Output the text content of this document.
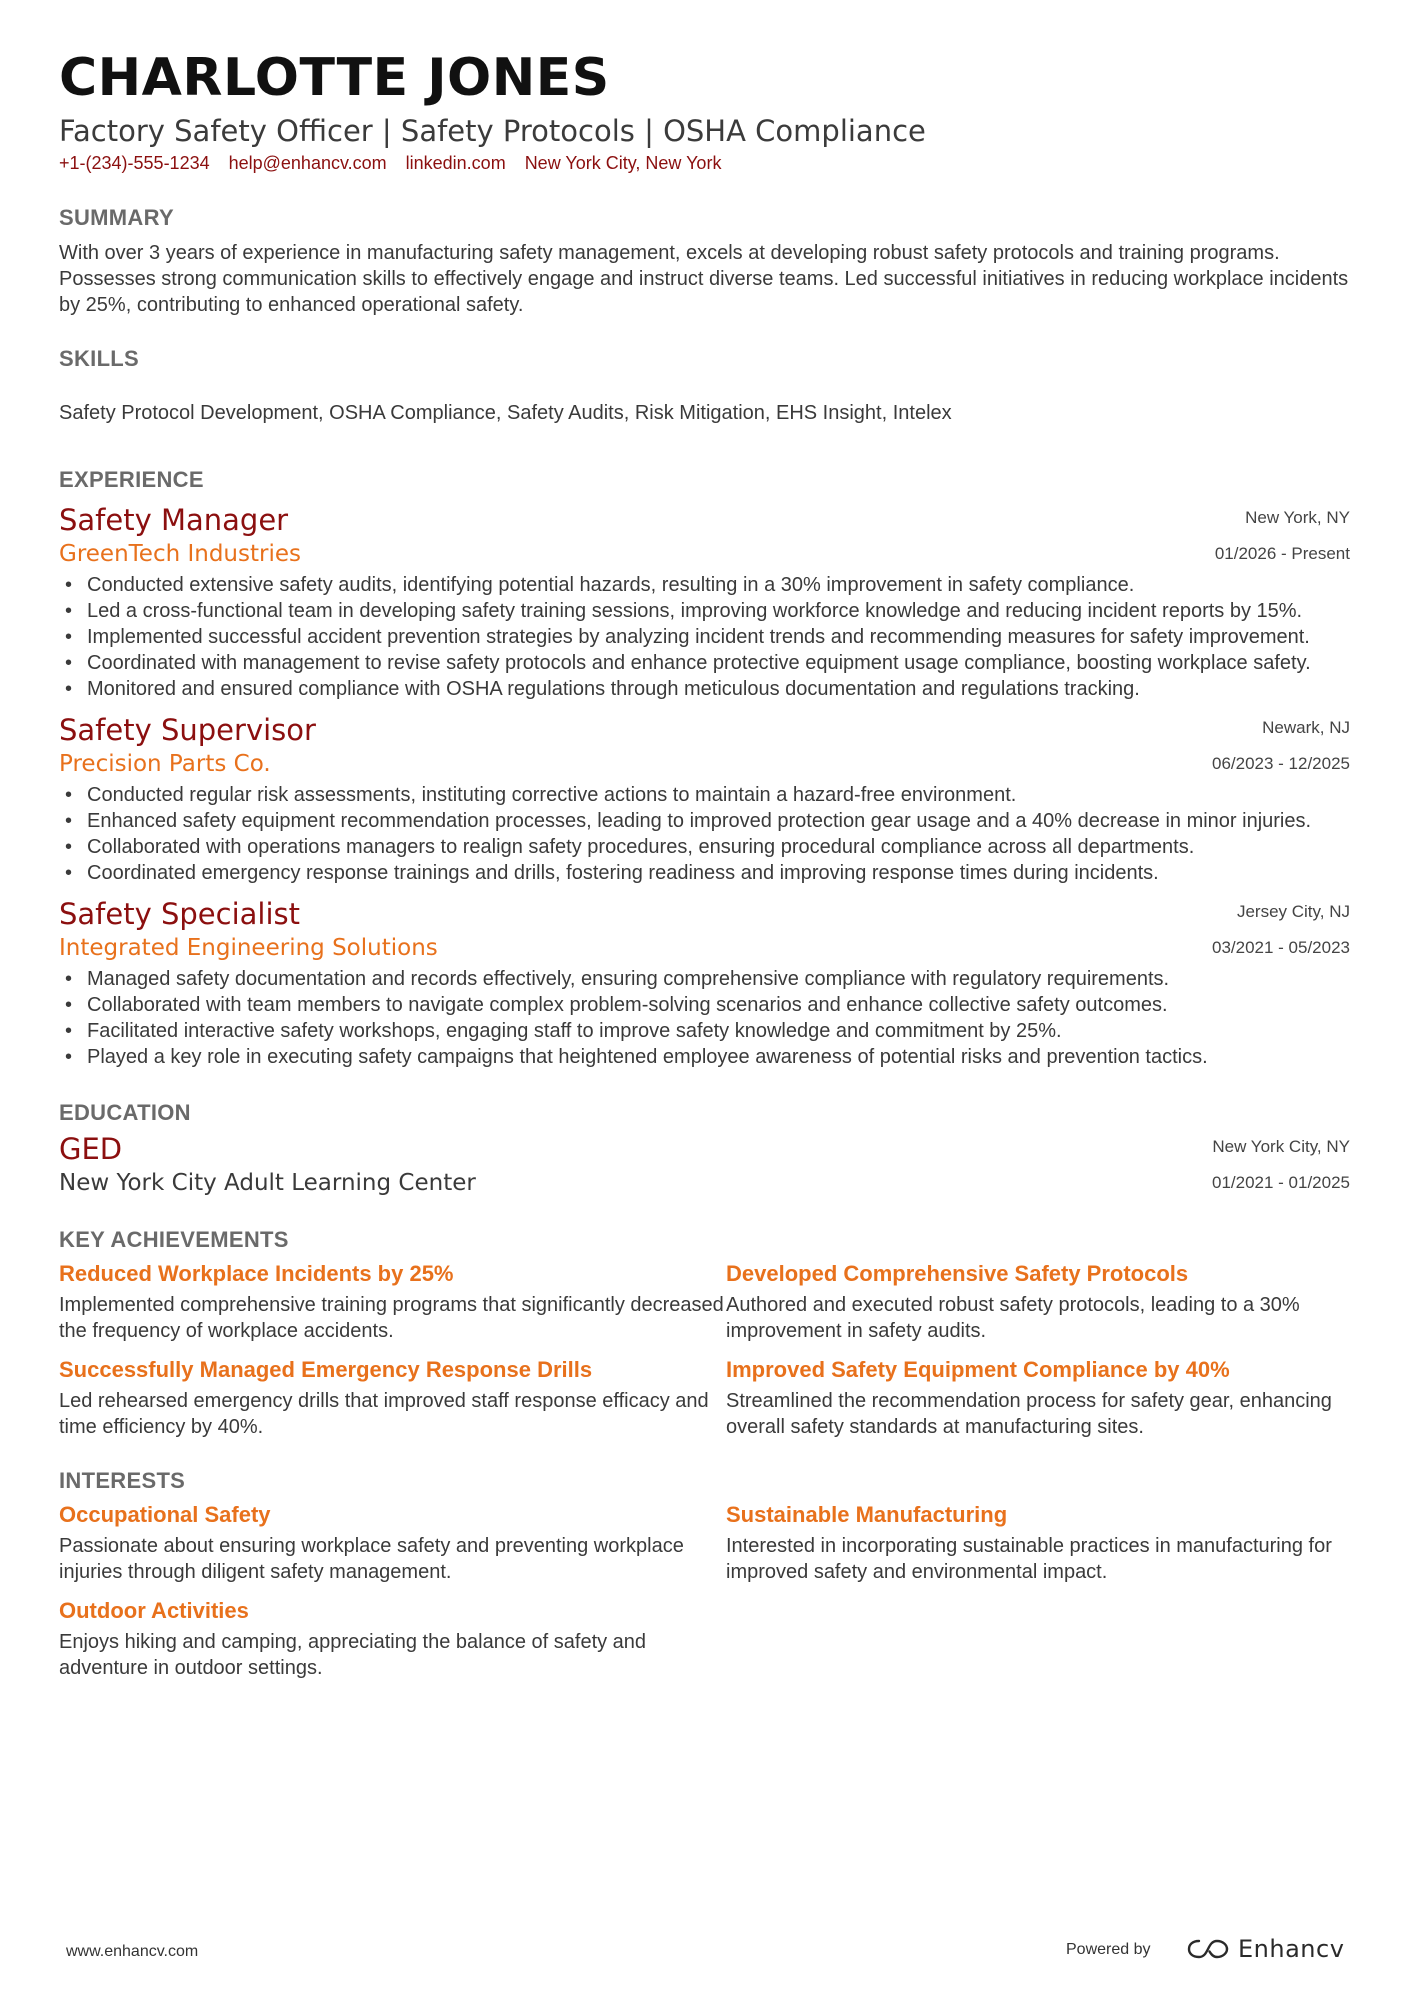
CHARLOTTE JONES
Factory Safety Officer | Safety Protocols | OSHA Compliance
+1-(234)-555-1234 help@enhancv.com linkedin.com New York City, New York
SUMMARY
With over 3 years of experience in manufacturing safety management, excels at developing robust safety protocols and training programs. Possesses strong communication skills to effectively engage and instruct diverse teams. Led successful initiatives in reducing workplace incidents by 25%, contributing to enhanced operational safety.
SKILLS
Safety Protocol Development, OSHA Compliance, Safety Audits, Risk Mitigation, EHS Insight, Intelex
EXPERIENCE
Safety Manager
GreenTech Industries
New York, NY
01/2026 - Present
• Conducted extensive safety audits, identifying potential hazards, resulting in a 30% improvement in safety compliance.
• Led a cross-functional team in developing safety training sessions, improving workforce knowledge and reducing incident reports by 15%.
• Implemented successful accident prevention strategies by analyzing incident trends and recommending measures for safety improvement.
• Coordinated with management to revise safety protocols and enhance protective equipment usage compliance, boosting workplace safety.
• Monitored and ensured compliance with OSHA regulations through meticulous documentation and regulations tracking.
Safety Supervisor
Precision Parts Co.
Newark, NJ
06/2023 - 12/2025
• Conducted regular risk assessments, instituting corrective actions to maintain a hazard-free environment.
• Enhanced safety equipment recommendation processes, leading to improved protection gear usage and a 40% decrease in minor injuries.
• Collaborated with operations managers to realign safety procedures, ensuring procedural compliance across all departments.
• Coordinated emergency response trainings and drills, fostering readiness and improving response times during incidents.
Safety Specialist
Integrated Engineering Solutions
Jersey City, NJ
03/2021 - 05/2023
• Managed safety documentation and records effectively, ensuring comprehensive compliance with regulatory requirements.
• Collaborated with team members to navigate complex problem-solving scenarios and enhance collective safety outcomes.
• Facilitated interactive safety workshops, engaging staff to improve safety knowledge and commitment by 25%.
• Played a key role in executing safety campaigns that heightened employee awareness of potential risks and prevention tactics.
EDUCATION
GED
New York City Adult Learning Center
New York City, NY
01/2021 - 01/2025
KEY ACHIEVEMENTS
Reduced Workplace Incidents by 25%
Implemented comprehensive training programs that significantly decreased the frequency of workplace accidents.
Developed Comprehensive Safety Protocols
Authored and executed robust safety protocols, leading to a 30% improvement in safety audits.
Successfully Managed Emergency Response Drills
Led rehearsed emergency drills that improved staff response efficacy and time efficiency by 40%.
Improved Safety Equipment Compliance by 40%
Streamlined the recommendation process for safety gear, enhancing overall safety standards at manufacturing sites.
INTERESTS
Occupational Safety
Passionate about ensuring workplace safety and preventing workplace injuries through diligent safety management.
Sustainable Manufacturing
Interested in incorporating sustainable practices in manufacturing for improved safety and environmental impact.
Outdoor Activities
Enjoys hiking and camping, appreciating the balance of safety and adventure in outdoor settings.
www.enhancv.com	Powered by	Enhancv
